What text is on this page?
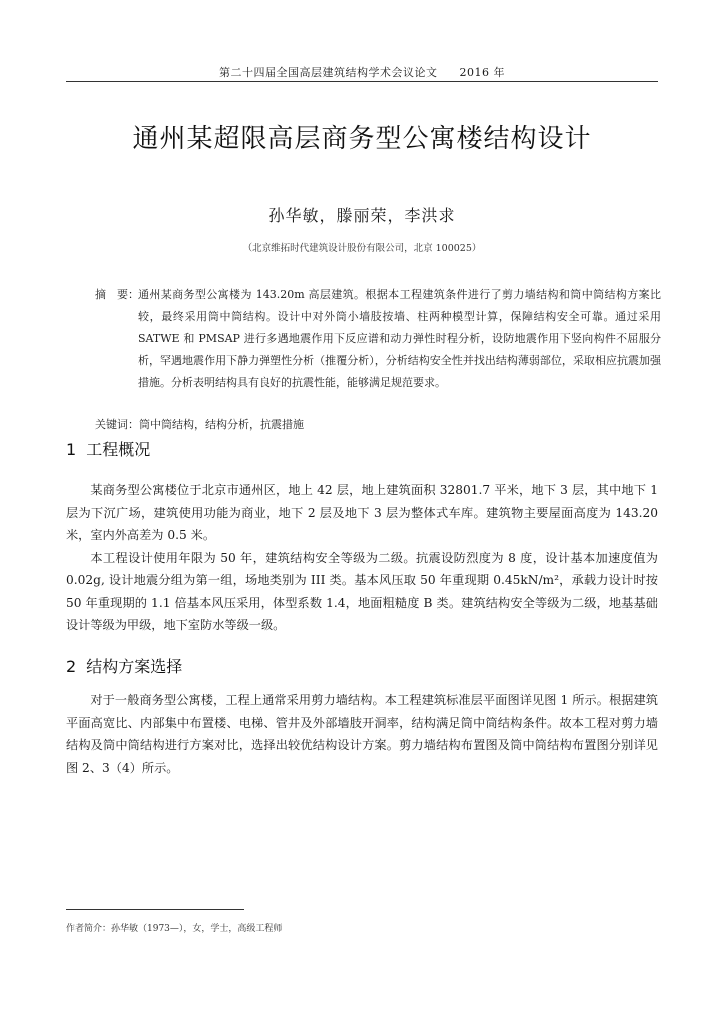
第二十四届全国高层建筑结构学术会议论文 2016 年
通州某超限高层商务型公寓楼结构设计
孙华敏，滕丽荣，李洪求
（北京维拓时代建筑设计股份有限公司，北京 100025）
摘　要： 通州某商务型公寓楼为 143.20m 高层建筑。根据本工程建筑条件进行了剪力墙结构和筒中筒结构方案比较，最终采用筒中筒结构。设计中对外筒小墙肢按墙、柱两种模型计算，保障结构安全可靠。通过采用 SATWE 和 PMSAP 进行多遇地震作用下反应谱和动力弹性时程分析，设防地震作用下竖向构件不屈服分析，罕遇地震作用下静力弹塑性分析（推覆分析），分析结构安全性并找出结构薄弱部位，采取相应抗震加强措施。分析表明结构具有良好的抗震性能，能够满足规范要求。
关键词：筒中筒结构，结构分析，抗震措施
1 工程概况

某商务型公寓楼位于北京市通州区，地上 42 层，地上建筑面积 32801.7 平米，地下 3 层，其中地下 1 层为下沉广场，建筑使用功能为商业，地下 2 层及地下 3 层为整体式车库。建筑物主要屋面高度为 143.20 米，室内外高差为 0.5 米。

本工程设计使用年限为 50 年，建筑结构安全等级为二级。抗震设防烈度为 8 度，设计基本加速度值为 0.02g, 设计地震分组为第一组，场地类别为 III 类。基本风压取 50 年重现期 0.45kN/m²，承载力设计时按 50 年重现期的 1.1 倍基本风压采用，体型系数 1.4，地面粗糙度 B 类。建筑结构安全等级为二级，地基基础设计等级为甲级，地下室防水等级一级。

2 结构方案选择

对于一般商务型公寓楼，工程上通常采用剪力墙结构。本工程建筑标准层平面图详见图 1 所示。根据建筑平面高宽比、内部集中布置楼、电梯、管井及外部墙肢开洞率，结构满足筒中筒结构条件。故本工程对剪力墙结构及筒中筒结构进行方案对比，选择出较优结构设计方案。剪力墙结构布置图及筒中筒结构布置图分别详见图 2、3（4）所示。

作者简介：孙华敏（1973—），女，学士，高级工程师
